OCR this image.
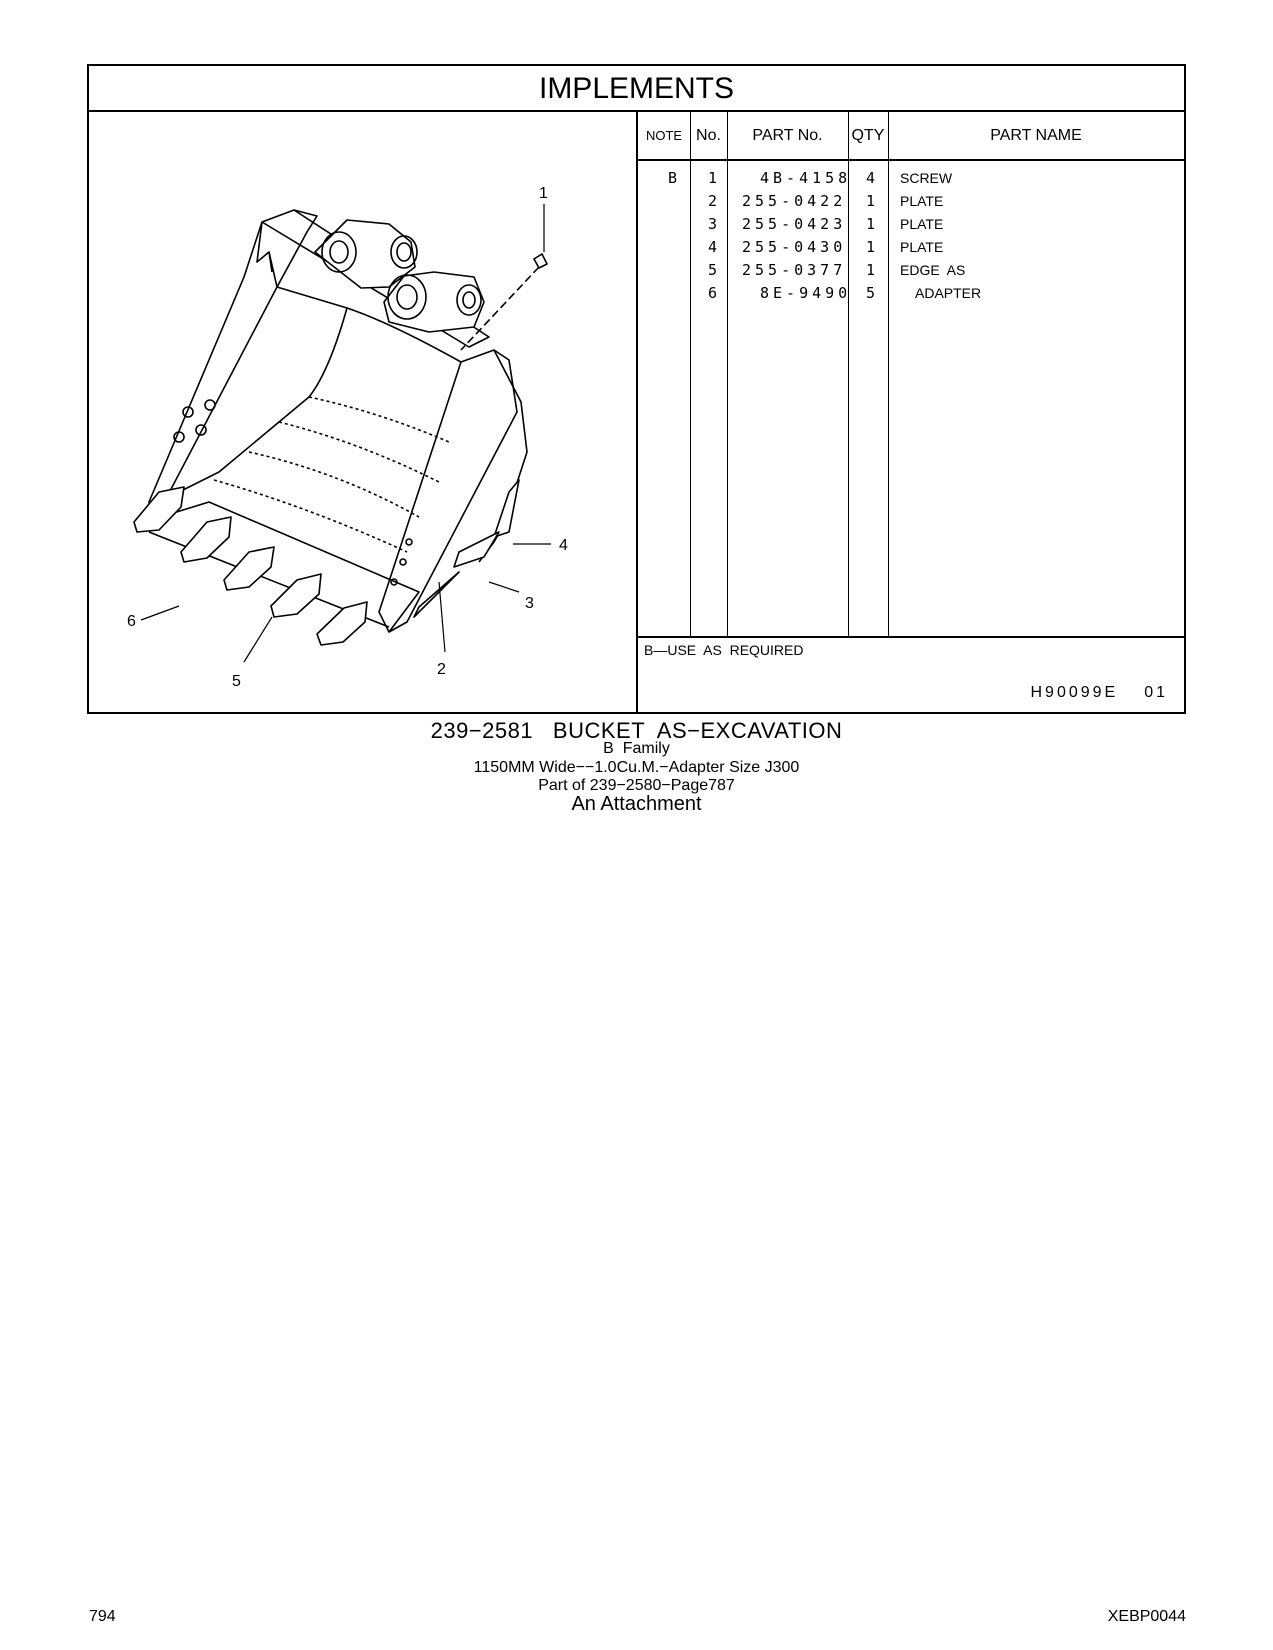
IMPLEMENTS
1
2
3
4
5
6
NOTE No.	PART No.	QTY	PART NAME
B 1	4B-4158 4 SCREW
2 255-0422 1 PLATE
3 255-0423 1 PLATE
4 255-0430 1 PLATE
5 255-0377 1 EDGE  AS
6	8E-9490 5	ADAPTER
B—USE  AS  REQUIRED
H90099E 01
239−2581   BUCKET  AS−EXCAVATION
B  Family
1150MM Wide−−1.0Cu.M.−Adapter Size J300
Part of 239−2580−Page787
An Attachment
794	XEBP0044
